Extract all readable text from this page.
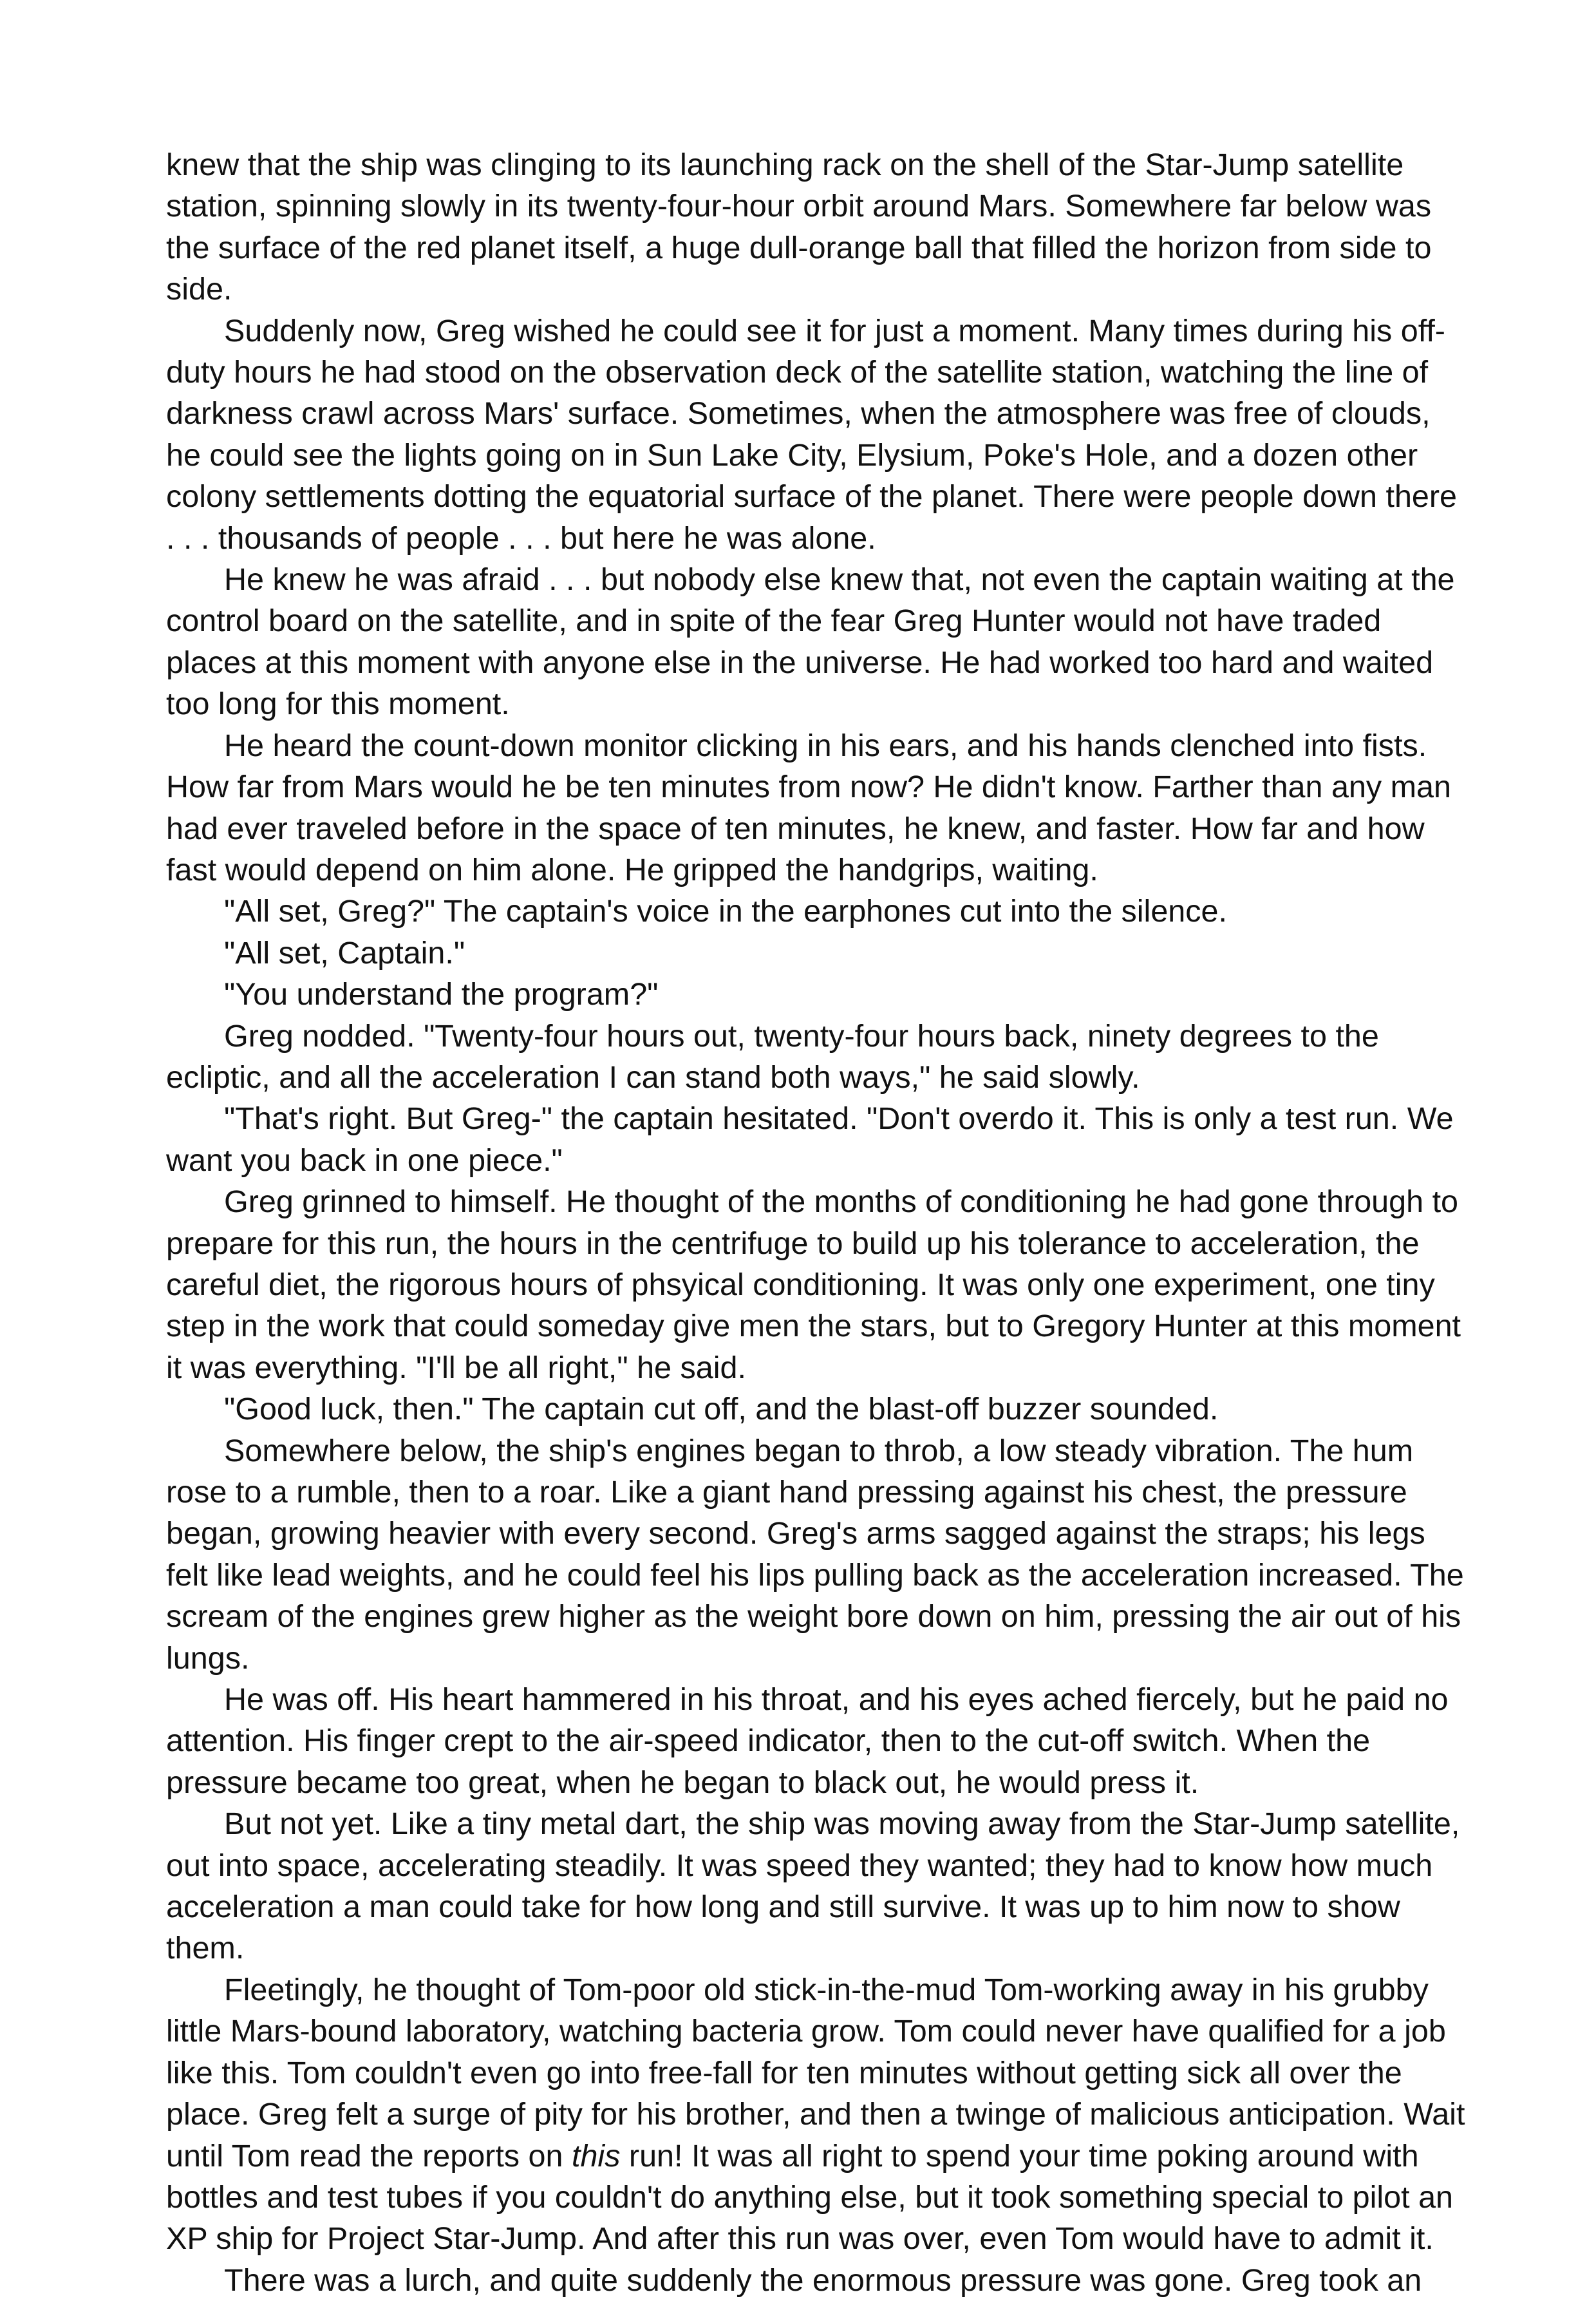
knew that the ship was clinging to its launching rack on the shell of the Star-Jump satellite station, spinning slowly in its twenty-four-hour orbit around Mars. Somewhere far below was the surface of the red planet itself, a huge dull-orange ball that filled the horizon from side to side.

Suddenly now, Greg wished he could see it for just a moment. Many times during his off-duty hours he had stood on the observation deck of the satellite station, watching the line of darkness crawl across Mars' surface. Sometimes, when the atmosphere was free of clouds, he could see the lights going on in Sun Lake City, Elysium, Poke's Hole, and a dozen other colony settlements dotting the equatorial surface of the planet. There were people down there . . . thousands of people . . . but here he was alone.

He knew he was afraid . . . but nobody else knew that, not even the captain waiting at the control board on the satellite, and in spite of the fear Greg Hunter would not have traded places at this moment with anyone else in the universe. He had worked too hard and waited too long for this moment.

He heard the count-down monitor clicking in his ears, and his hands clenched into fists. How far from Mars would he be ten minutes from now? He didn't know. Farther than any man had ever traveled before in the space of ten minutes, he knew, and faster. How far and how fast would depend on him alone. He gripped the handgrips, waiting.

"All set, Greg?" The captain's voice in the earphones cut into the silence.

"All set, Captain."

"You understand the program?"

Greg nodded. "Twenty-four hours out, twenty-four hours back, ninety degrees to the ecliptic, and all the acceleration I can stand both ways," he said slowly.

"That's right. But Greg-" the captain hesitated. "Don't overdo it. This is only a test run. We want you back in one piece."

Greg grinned to himself. He thought of the months of conditioning he had gone through to prepare for this run, the hours in the centrifuge to build up his tolerance to acceleration, the careful diet, the rigorous hours of phsyical conditioning. It was only one experiment, one tiny step in the work that could someday give men the stars, but to Gregory Hunter at this moment it was everything. "I'll be all right," he said.

"Good luck, then." The captain cut off, and the blast-off buzzer sounded.

Somewhere below, the ship's engines began to throb, a low steady vibration. The hum rose to a rumble, then to a roar. Like a giant hand pressing against his chest, the pressure began, growing heavier with every second. Greg's arms sagged against the straps; his legs felt like lead weights, and he could feel his lips pulling back as the acceleration increased. The scream of the engines grew higher as the weight bore down on him, pressing the air out of his lungs.

He was off. His heart hammered in his throat, and his eyes ached fiercely, but he paid no attention. His finger crept to the air-speed indicator, then to the cut-off switch. When the pressure became too great, when he began to black out, he would press it.

But not yet. Like a tiny metal dart, the ship was moving away from the Star-Jump satellite, out into space, accelerating steadily. It was speed they wanted; they had to know how much acceleration a man could take for how long and still survive. It was up to him now to show them.

Fleetingly, he thought of Tom-poor old stick-in-the-mud Tom-working away in his grubby little Mars-bound laboratory, watching bacteria grow. Tom could never have qualified for a job like this. Tom couldn't even go into free-fall for ten minutes without getting sick all over the place. Greg felt a surge of pity for his brother, and then a twinge of malicious anticipation. Wait until Tom read the reports on this run! It was all right to spend your time poking around with bottles and test tubes if you couldn't do anything else, but it took something special to pilot an XP ship for Project Star-Jump. And after this run was over, even Tom would have to admit it.

There was a lurch, and quite suddenly the enormous pressure was gone. Greg took an
